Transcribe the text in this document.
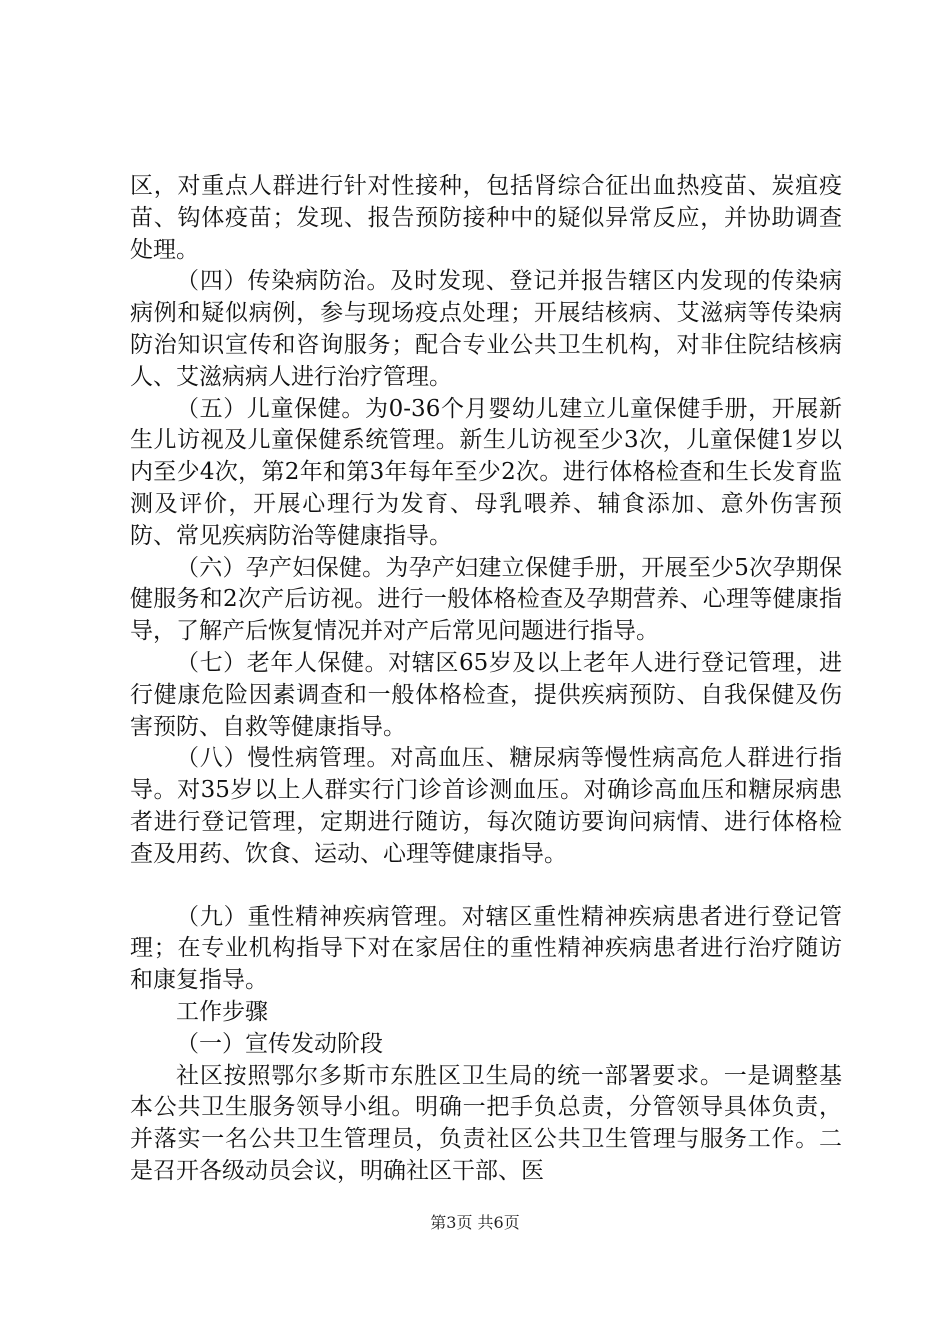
区，对重点人群进行针对性接种，包括肾综合征出血热疫苗、炭疽疫苗、钩体疫苗；发现、报告预防接种中的疑似异常反应，并协助调查处理。

（四）传染病防治。及时发现、登记并报告辖区内发现的传染病病例和疑似病例，参与现场疫点处理；开展结核病、艾滋病等传染病防治知识宣传和咨询服务；配合专业公共卫生机构，对非住院结核病人、艾滋病病人进行治疗管理。

（五）儿童保健。为0-36个月婴幼儿建立儿童保健手册，开展新生儿访视及儿童保健系统管理。新生儿访视至少3次，儿童保健1岁以内至少4次，第2年和第3年每年至少2次。进行体格检查和生长发育监测及评价，开展心理行为发育、母乳喂养、辅食添加、意外伤害预防、常见疾病防治等健康指导。

（六）孕产妇保健。为孕产妇建立保健手册，开展至少5次孕期保健服务和2次产后访视。进行一般体格检查及孕期营养、心理等健康指导，了解产后恢复情况并对产后常见问题进行指导。

（七）老年人保健。对辖区65岁及以上老年人进行登记管理，进行健康危险因素调查和一般体格检查，提供疾病预防、自我保健及伤害预防、自救等健康指导。

（八）慢性病管理。对高血压、糖尿病等慢性病高危人群进行指导。对35岁以上人群实行门诊首诊测血压。对确诊高血压和糖尿病患者进行登记管理，定期进行随访，每次随访要询问病情、进行体格检查及用药、饮食、运动、心理等健康指导。

（九）重性精神疾病管理。对辖区重性精神疾病患者进行登记管理；在专业机构指导下对在家居住的重性精神疾病患者进行治疗随访和康复指导。

工作步骤

（一）宣传发动阶段

社区按照鄂尔多斯市东胜区卫生局的统一部署要求。一是调整基本公共卫生服务领导小组。明确一把手负总责，分管领导具体负责，并落实一名公共卫生管理员，负责社区公共卫生管理与服务工作。二是召开各级动员会议，明确社区干部、医

第3页 共6页
